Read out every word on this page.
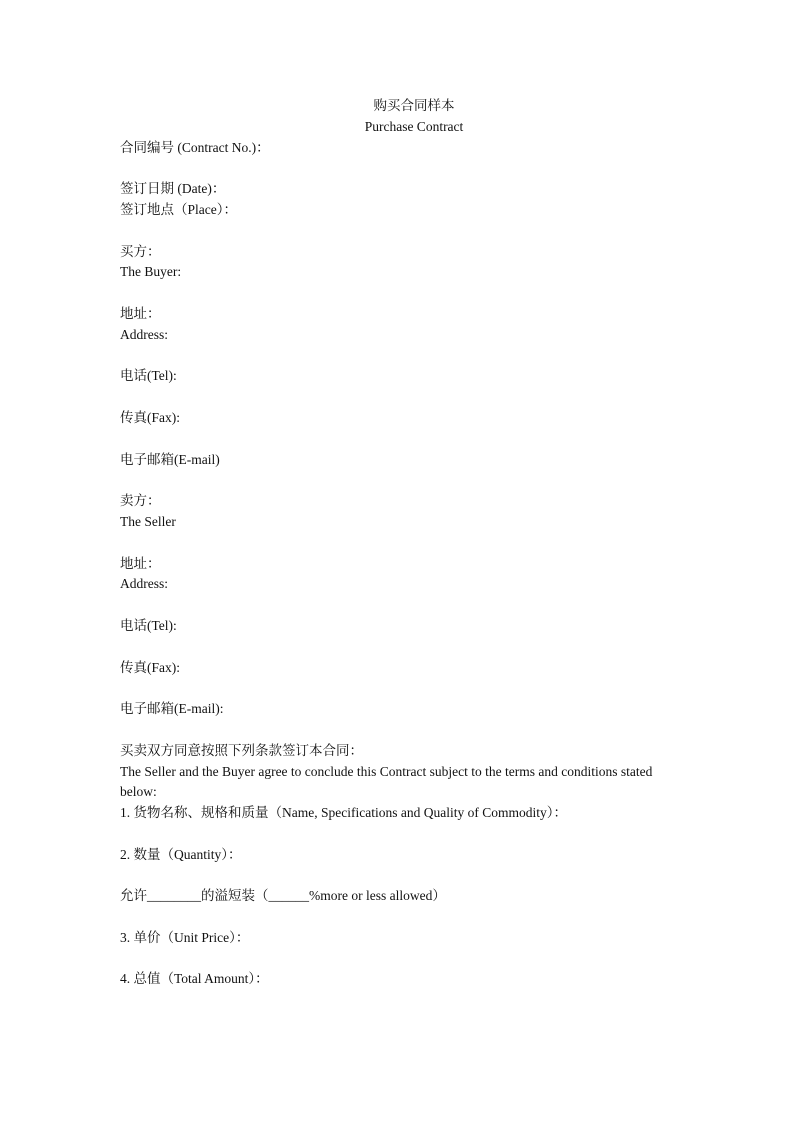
购买合同样本
Purchase Contract
合同编号 (Contract No.)：
签订日期 (Date)：
签订地点（Place）：
买方：
The Buyer:
地址：
Address:
电话(Tel):
传真(Fax):
电子邮箱(E-mail)
卖方：
The Seller
地址：
Address:
电话(Tel):
传真(Fax):
电子邮箱(E-mail):
买卖双方同意按照下列条款签订本合同：
The Seller and the Buyer agree to conclude this Contract subject to the terms and conditions stated below:
1. 货物名称、规格和质量（Name, Specifications and Quality of Commodity）：
2. 数量（Quantity）：
允许________的溢短装（______%more or less allowed）
3. 单价（Unit Price）：
4. 总值（Total Amount）：
